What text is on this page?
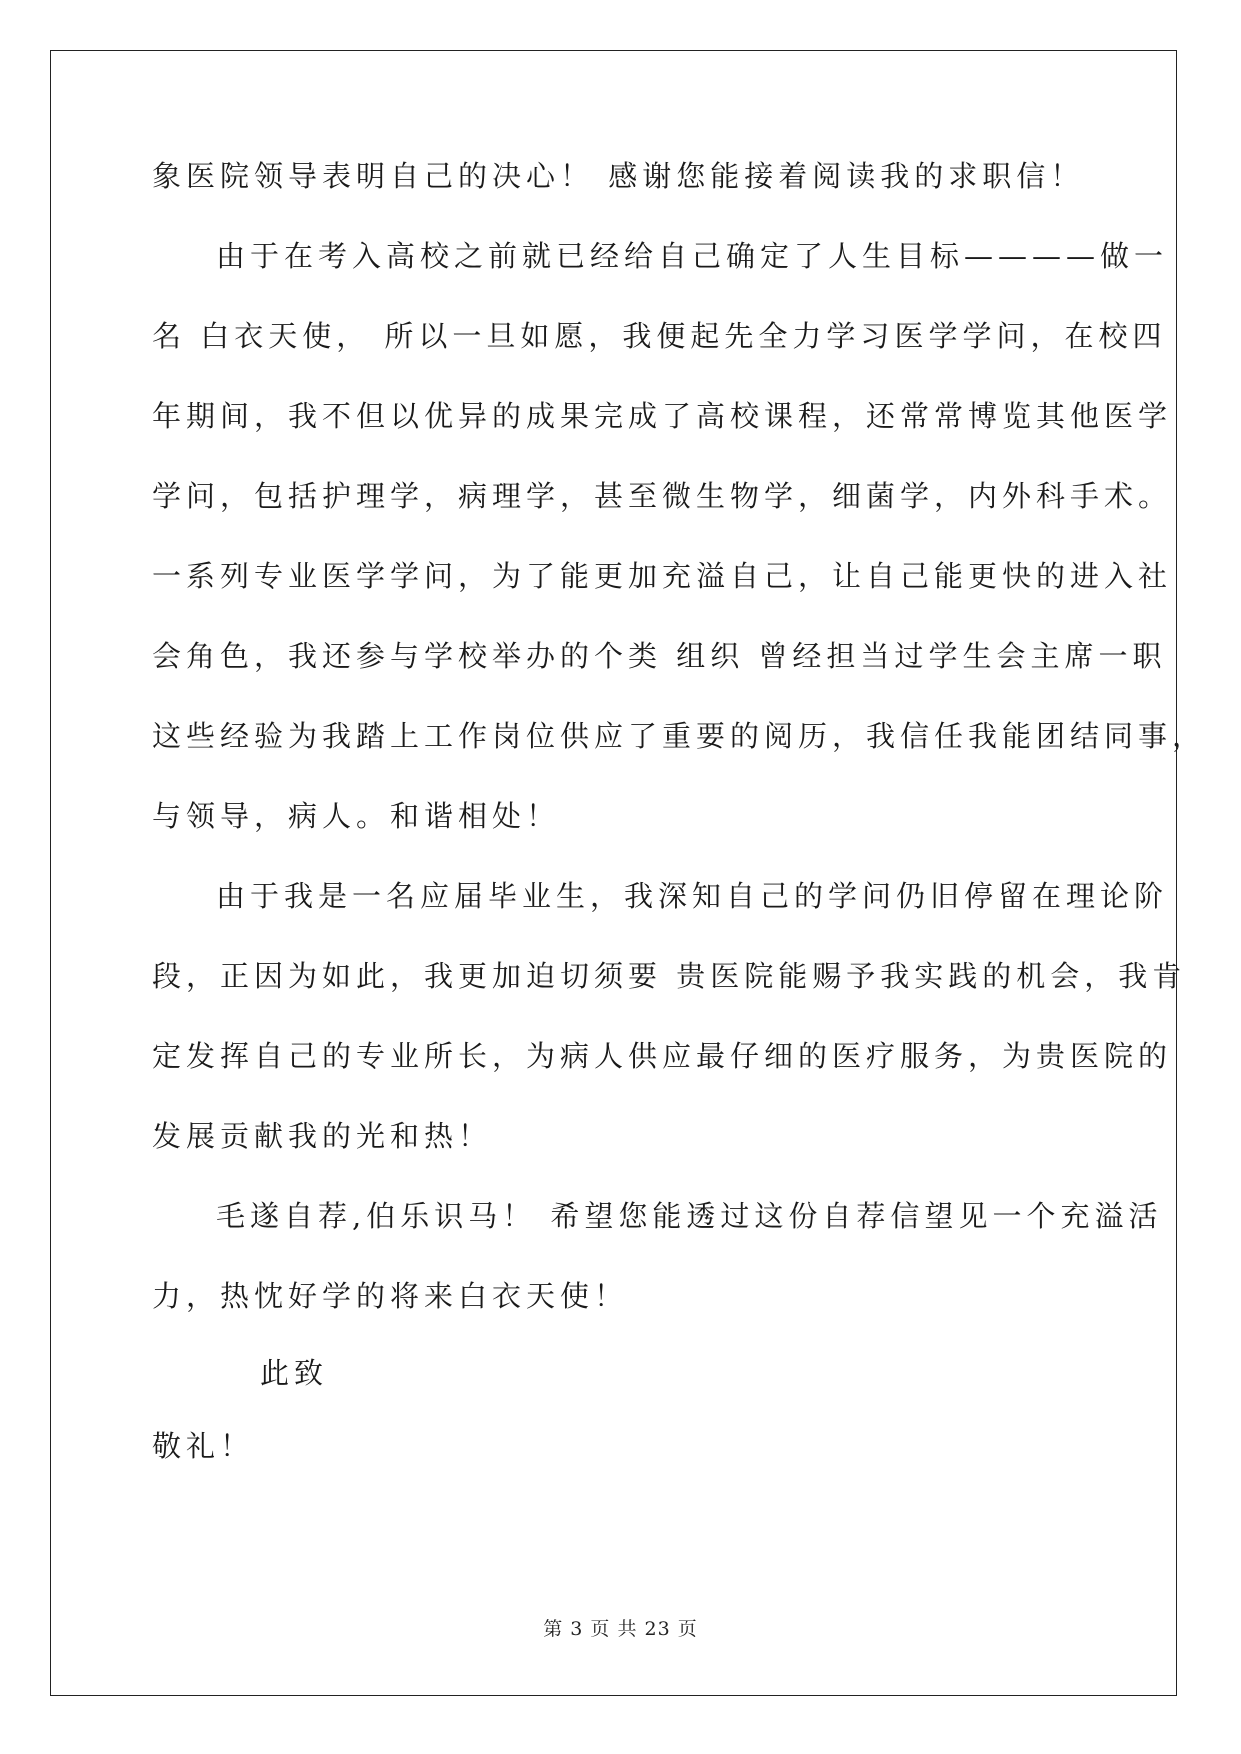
象医院领导表明自己的决心！ 感谢您能接着阅读我的求职信！
由于在考入高校之前就已经给自己确定了人生目标————做一
名 白衣天使， 所以一旦如愿，我便起先全力学习医学学问，在校四
年期间，我不但以优异的成果完成了高校课程，还常常博览其他医学
学问，包括护理学，病理学，甚至微生物学，细菌学，内外科手术。
一系列专业医学学问，为了能更加充溢自己，让自己能更快的进入社
会角色，我还参与学校举办的个类 组织 曾经担当过学生会主席一职
这些经验为我踏上工作岗位供应了重要的阅历，我信任我能团结同事，
与领导，病人。和谐相处！
由于我是一名应届毕业生，我深知自己的学问仍旧停留在理论阶
段，正因为如此，我更加迫切须要 贵医院能赐予我实践的机会，我肯
定发挥自己的专业所长，为病人供应最仔细的医疗服务，为贵医院的
发展贡献我的光和热！
毛遂自荐,伯乐识马！ 希望您能透过这份自荐信望见一个充溢活
力，热忱好学的将来白衣天使！
此致
敬礼！
第 3 页 共 23 页
